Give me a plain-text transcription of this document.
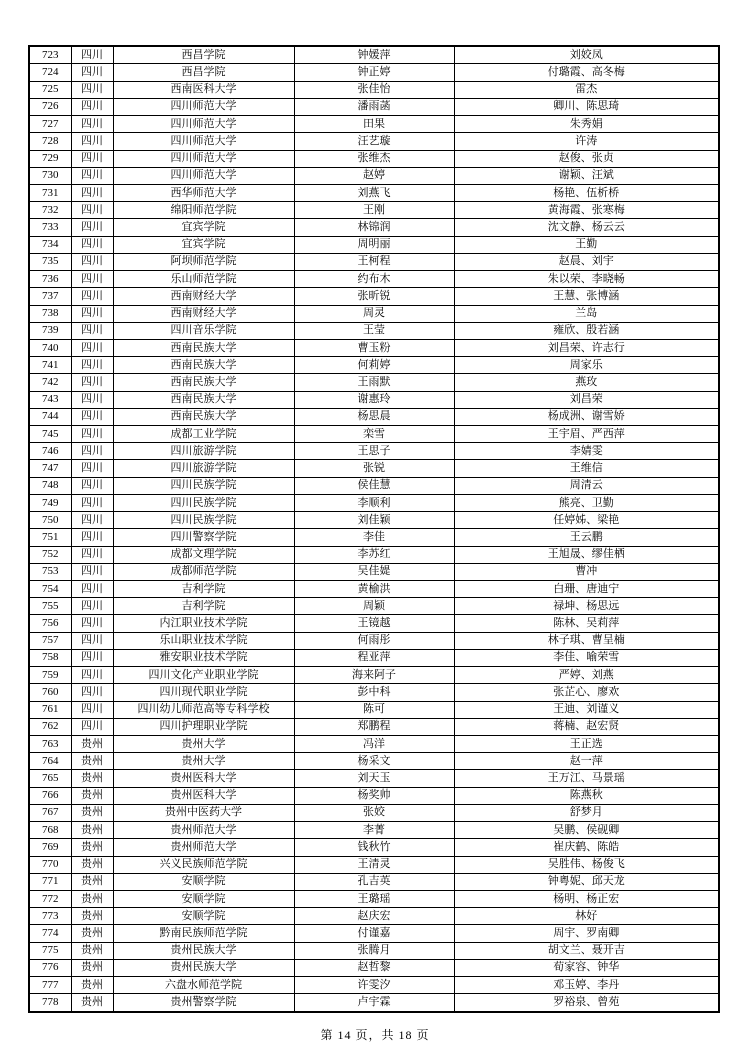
723	四川	西昌学院	钟媛萍	刘姣凤
724	四川	西昌学院	钟正婷	付璐霞、高冬梅
725	四川	西南医科大学	张佳怡	雷杰
726	四川	四川师范大学	潘雨菡	卿川、陈思琦
727	四川	四川师范大学	田果	朱秀娟
728	四川	四川师范大学	汪艺璇	许涛
729	四川	四川师范大学	张维杰	赵俊、张贞
730	四川	四川师范大学	赵婷	谢颖、汪斌
731	四川	西华师范大学	刘燕飞	杨艳、伍析桥
732	四川	绵阳师范学院	王刚	黄海霞、张寒梅
733	四川	宜宾学院	林锦润	沈文静、杨云云
734	四川	宜宾学院	周明丽	王勤
735	四川	阿坝师范学院	王柯程	赵晨、刘宇
736	四川	乐山师范学院	约布木	朱以荣、李晓畅
737	四川	西南财经大学	张昕锐	王慧、张博涵
738	四川	西南财经大学	周灵	兰岛
739	四川	四川音乐学院	王莹	雍欣、殷若涵
740	四川	西南民族大学	曹玉粉	刘昌荣、许志行
741	四川	西南民族大学	何莉婷	周家乐
742	四川	西南民族大学	王雨默	燕玫
743	四川	西南民族大学	谢惠玲	刘昌荣
744	四川	西南民族大学	杨思晨	杨成洲、谢雪娇
745	四川	成都工业学院	栾雪	王宇眉、严西萍
746	四川	四川旅游学院	王思子	李婧雯
747	四川	四川旅游学院	张锐	王维信
748	四川	四川民族学院	侯佳慧	周清云
749	四川	四川民族学院	李顺利	熊亮、卫勤
750	四川	四川民族学院	刘佳颖	任婷姊、梁艳
751	四川	四川警察学院	李佳	王云鹏
752	四川	成都文理学院	李苏红	王旭晟、缪佳栖
753	四川	成都师范学院	吴佳媞	曹冲
754	四川	吉利学院	黄榆洪	白珊、唐迪宁
755	四川	吉利学院	周颖	禄坤、杨思远
756	四川	内江职业技术学院	王镜越	陈林、吴莉萍
757	四川	乐山职业技术学院	何雨彤	林子琪、曹呈楠
758	四川	雅安职业技术学院	程亚萍	李佳、喻荣雪
759	四川	四川文化产业职业学院	海来阿子	严婷、刘燕
760	四川	四川现代职业学院	彭中科	张芷心、廖欢
761	四川	四川幼儿师范高等专科学校	陈可	王迪、刘谨义
762	四川	四川护理职业学院	郑鹏程	蒋楠、赵宏贤
763	贵州	贵州大学	冯洋	王正选
764	贵州	贵州大学	杨采文	赵一萍
765	贵州	贵州医科大学	刘天玉	王万江、马景瑶
766	贵州	贵州医科大学	杨奖帅	陈燕秋
767	贵州	贵州中医药大学	张姣	舒梦月
768	贵州	贵州师范大学	李菁	吴鹏、侯砚卿
769	贵州	贵州师范大学	钱秋竹	崔庆鹤、陈皓
770	贵州	兴义民族师范学院	王清灵	吴胜伟、杨俊飞
771	贵州	安顺学院	孔吉英	钟粤妮、邱天龙
772	贵州	安顺学院	王璐瑶	杨明、杨正宏
773	贵州	安顺学院	赵庆宏	林好
774	贵州	黔南民族师范学院	付谨嘉	周宇、罗南卿
775	贵州	贵州民族大学	张腾月	胡文兰、聂开吉
776	贵州	贵州民族大学	赵哲黎	荀家容、钟华
777	贵州	六盘水师范学院	许雯汐	邓玉婷、李丹
778	贵州	贵州警察学院	卢宇霖	罗裕泉、曾苑
第 14 页，共 18 页
